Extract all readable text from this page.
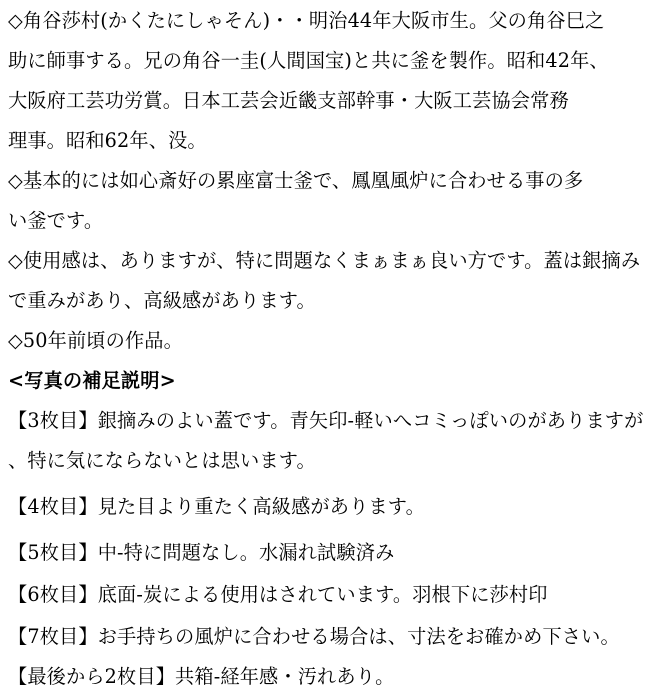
◇角谷莎村(かくたにしゃそん)・・明治44年大阪市生。父の角谷巳之
助に師事する。兄の角谷一圭(人間国宝)と共に釜を製作。昭和42年、
大阪府工芸功労賞。日本工芸会近畿支部幹事・大阪工芸協会常務
理事。昭和62年、没。
◇基本的には如心斎好の累座富士釜で、鳳凰風炉に合わせる事の多
い釜です。
◇使用感は、ありますが、特に問題なくまぁまぁ良い方です。蓋は銀摘み
で重みがあり、高級感があります。
◇50年前頃の作品。
<写真の補足説明>
【3枚目】銀摘みのよい蓋です。青矢印-軽いへコミっぽいのがありますが
、特に気にならないとは思います。
【4枚目】見た目より重たく高級感があります。
【5枚目】中-特に問題なし。水漏れ試験済み
【6枚目】底面-炭による使用はされています。羽根下に莎村印
【7枚目】お手持ちの風炉に合わせる場合は、寸法をお確かめ下さい。
【最後から2枚目】共箱-経年感・汚れあり。
